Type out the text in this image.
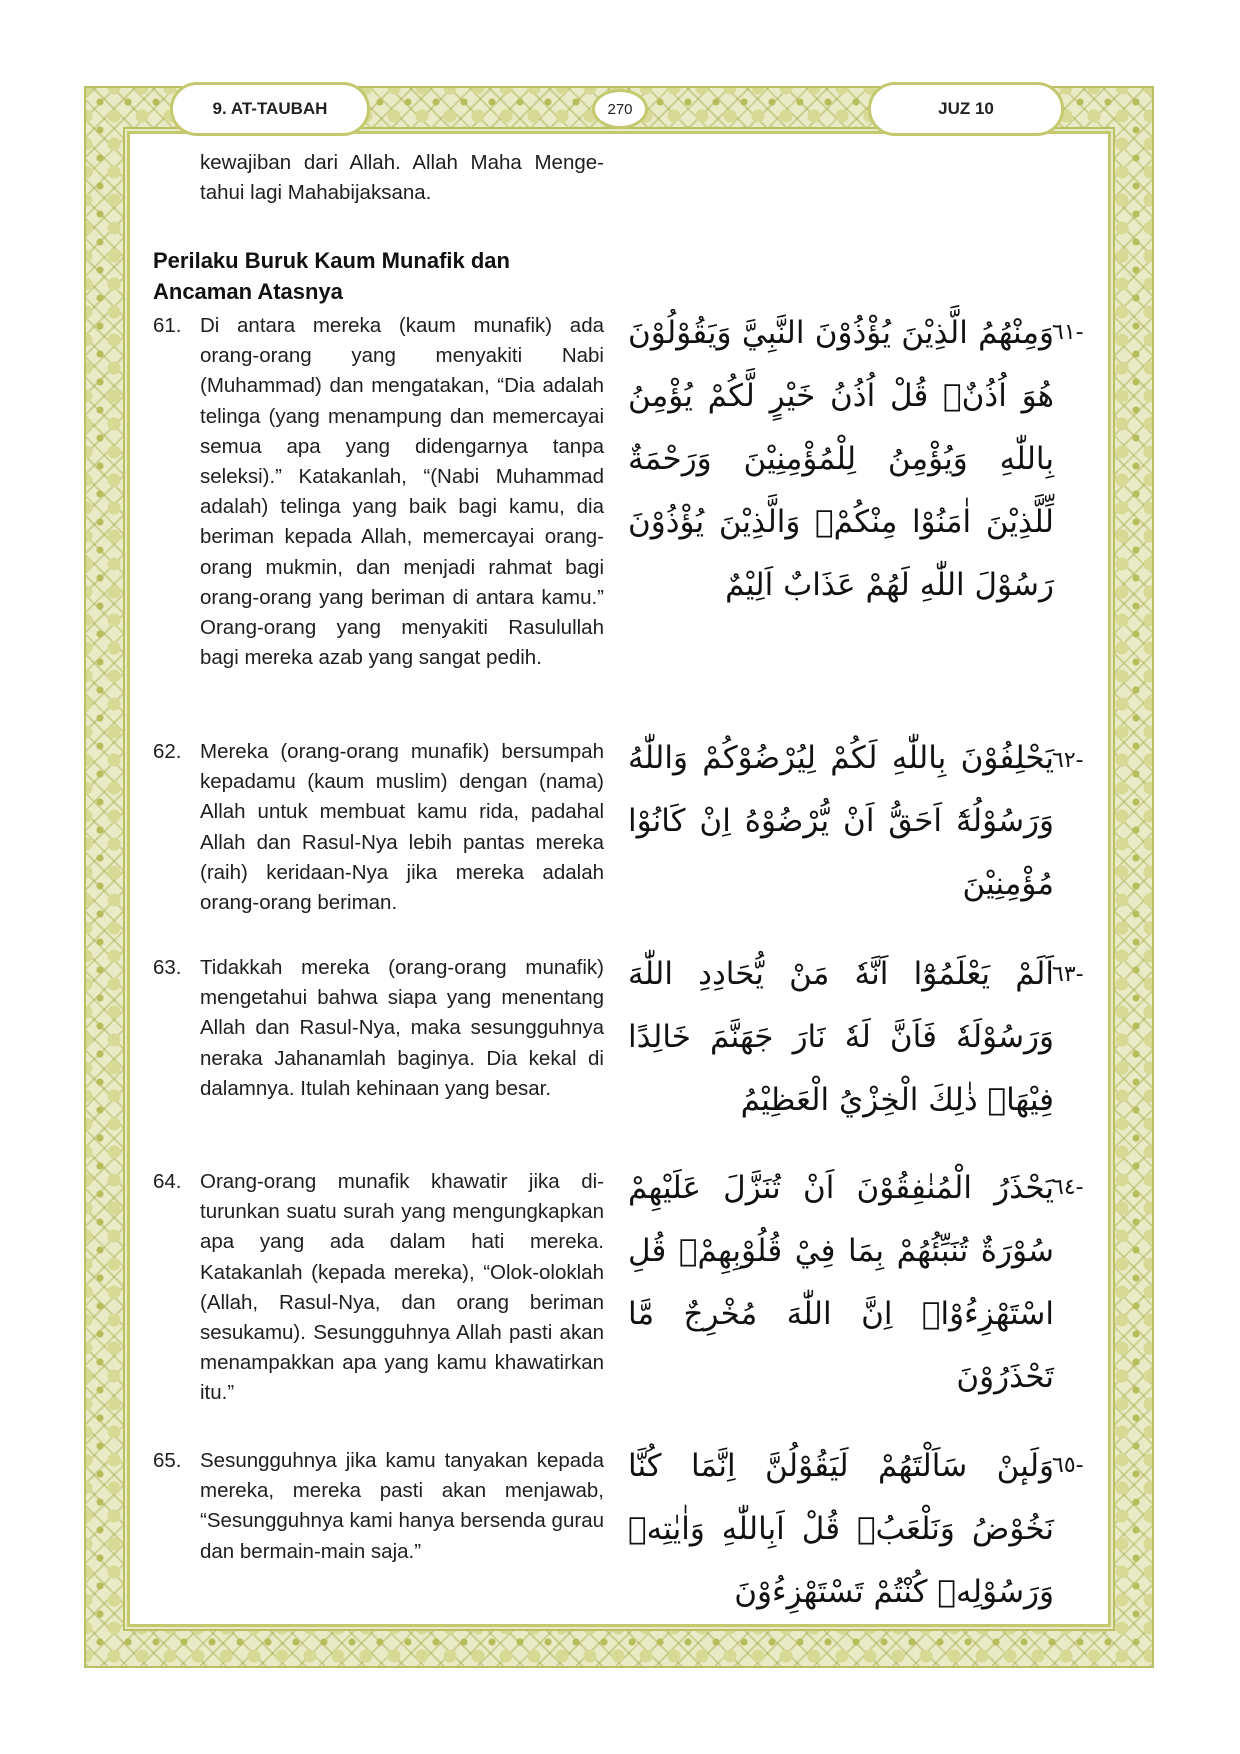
9. AT-TAUBAH	270	JUZ 10
kewajiban dari Allah. Allah Maha Mengetahui lagi Mahabijaksana.
Perilaku Buruk Kaum Munafik dan Ancaman Atasnya
61. Di antara mereka (kaum munafik) ada orang-orang yang menyakiti Nabi (Muhammad) dan mengatakan, “Dia adalah telinga (yang menampung dan memercayai semua apa yang didengarnya tanpa seleksi).” Katakanlah, “(Nabi Muhammad adalah) telinga yang baik bagi kamu, dia beriman kepada Allah, memercayai orang-orang mukmin, dan menjadi rahmat bagi orang-orang yang beriman di antara kamu.” Orang-orang yang menyakiti Rasulullah bagi mereka azab yang sangat pedih.
-٦١
وَمِنْهُمُ الَّذِيْنَ يُؤْذُوْنَ النَّبِيَّ وَيَقُوْلُوْنَ هُوَ اُذُنٌۗ قُلْ اُذُنُ خَيْرٍ لَّكُمْ يُؤْمِنُ بِاللّٰهِ وَيُؤْمِنُ لِلْمُؤْمِنِيْنَ وَرَحْمَةٌ لِّلَّذِيْنَ اٰمَنُوْا مِنْكُمْۗ وَالَّذِيْنَ يُؤْذُوْنَ رَسُوْلَ اللّٰهِ لَهُمْ عَذَابٌ اَلِيْمٌ
62. Mereka (orang-orang munafik) bersumpah kepadamu (kaum muslim) dengan (nama) Allah untuk membuat kamu rida, padahal Allah dan Rasul-Nya lebih pantas mereka (raih) keridaan-Nya jika mereka adalah orang-orang beriman.
-٦٢
يَحْلِفُوْنَ بِاللّٰهِ لَكُمْ لِيُرْضُوْكُمْ وَاللّٰهُ وَرَسُوْلُهٗٓ اَحَقُّ اَنْ يُّرْضُوْهُ اِنْ كَانُوْا مُؤْمِنِيْنَ
63. Tidakkah mereka (orang-orang munafik) mengetahui bahwa siapa yang menentang Allah dan Rasul-Nya, maka sesungguhnya neraka Jahanamlah baginya. Dia kekal di dalamnya. Itulah kehinaan yang besar.
-٦٣
اَلَمْ يَعْلَمُوْٓا اَنَّهٗ مَنْ يُّحَادِدِ اللّٰهَ وَرَسُوْلَهٗ فَاَنَّ لَهٗ نَارَ جَهَنَّمَ خَالِدًا فِيْهَاۗ ذٰلِكَ الْخِزْيُ الْعَظِيْمُ
64. Orang-orang munafik khawatir jika diturunkan suatu surah yang mengungkapkan apa yang ada dalam hati mereka. Katakanlah (kepada mereka), “Olok-oloklah (Allah, Rasul-Nya, dan orang beriman sesukamu). Sesungguhnya Allah pasti akan menampakkan apa yang kamu khawatirkan itu.”
-٦٤
يَحْذَرُ الْمُنٰفِقُوْنَ اَنْ تُنَزَّلَ عَلَيْهِمْ سُوْرَةٌ تُنَبِّئُهُمْ بِمَا فِيْ قُلُوْبِهِمْۗ قُلِ اسْتَهْزِءُوْاۚ اِنَّ اللّٰهَ مُخْرِجٌ مَّا تَحْذَرُوْنَ
65. Sesungguhnya jika kamu tanyakan kepada mereka, mereka pasti akan menjawab, “Sesungguhnya kami hanya bersenda gurau dan bermain-main saja.”
-٦٥
وَلَىٕنْ سَاَلْتَهُمْ لَيَقُوْلُنَّ اِنَّمَا كُنَّا نَخُوْضُ وَنَلْعَبُۗ قُلْ اَبِاللّٰهِ وَاٰيٰتِهٖ وَرَسُوْلِهٖ كُنْتُمْ تَسْتَهْزِءُوْنَ
